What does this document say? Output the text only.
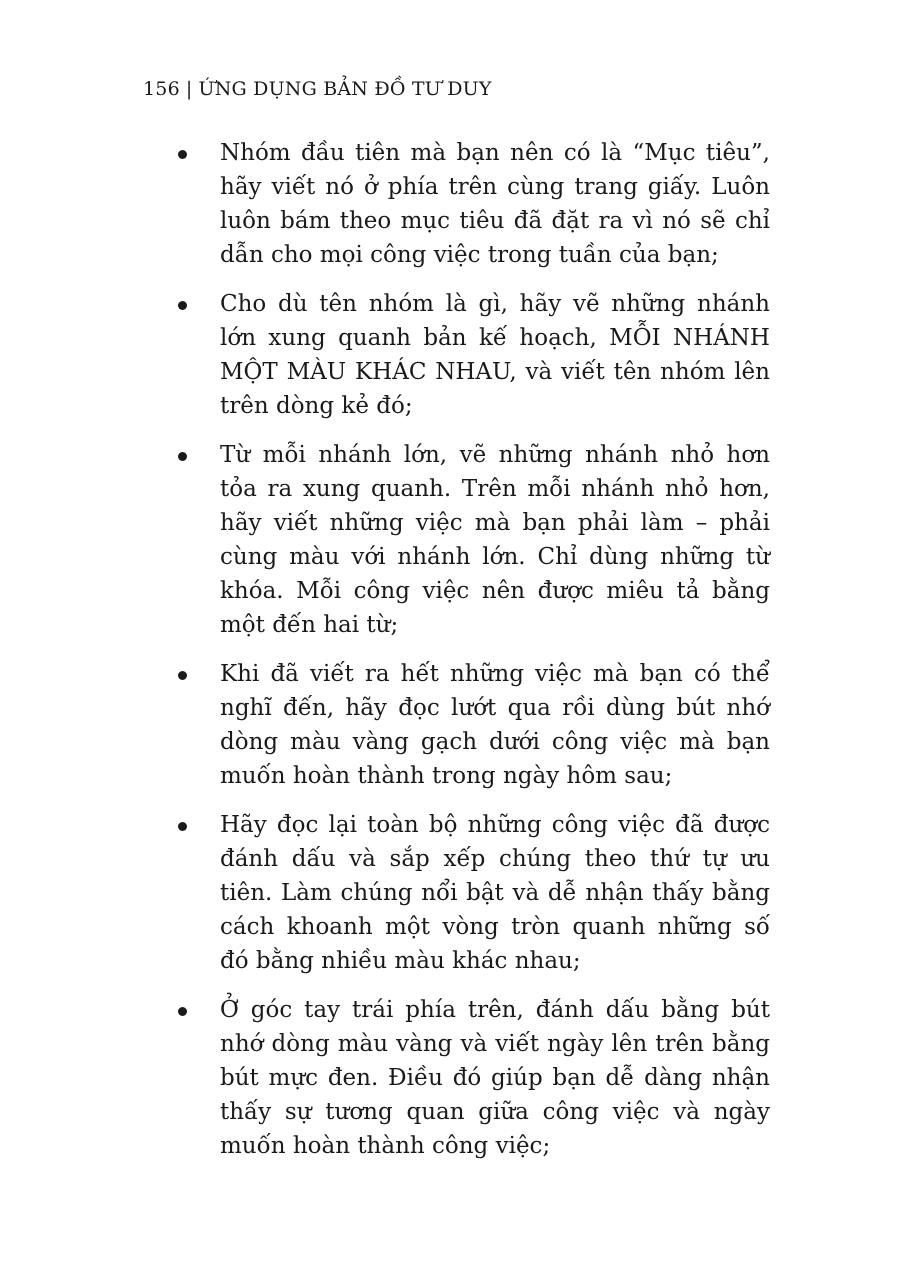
156 | ỨNG DỤNG BẢN ĐỒ TƯ DUY
Nhóm đầu tiên mà bạn nên có là “Mục tiêu”, hãy viết nó ở phía trên cùng trang giấy. Luôn luôn bám theo mục tiêu đã đặt ra vì nó sẽ chỉ dẫn cho mọi công việc trong tuần của bạn;
Cho dù tên nhóm là gì, hãy vẽ những nhánh lớn xung quanh bản kế hoạch, MỖI NHÁNH MỘT MÀU KHÁC NHAU, và viết tên nhóm lên trên dòng kẻ đó;
Từ mỗi nhánh lớn, vẽ những nhánh nhỏ hơn tỏa ra xung quanh. Trên mỗi nhánh nhỏ hơn, hãy viết những việc mà bạn phải làm – phải cùng màu với nhánh lớn. Chỉ dùng những từ khóa. Mỗi công việc nên được miêu tả bằng một đến hai từ;
Khi đã viết ra hết những việc mà bạn có thể nghĩ đến, hãy đọc lướt qua rồi dùng bút nhớ dòng màu vàng gạch dưới công việc mà bạn muốn hoàn thành trong ngày hôm sau;
Hãy đọc lại toàn bộ những công việc đã được đánh dấu và sắp xếp chúng theo thứ tự ưu tiên. Làm chúng nổi bật và dễ nhận thấy bằng cách khoanh một vòng tròn quanh những số đó bằng nhiều màu khác nhau;
Ở góc tay trái phía trên, đánh dấu bằng bút nhớ dòng màu vàng và viết ngày lên trên bằng bút mực đen. Điều đó giúp bạn dễ dàng nhận thấy sự tương quan giữa công việc và ngày muốn hoàn thành công việc;
